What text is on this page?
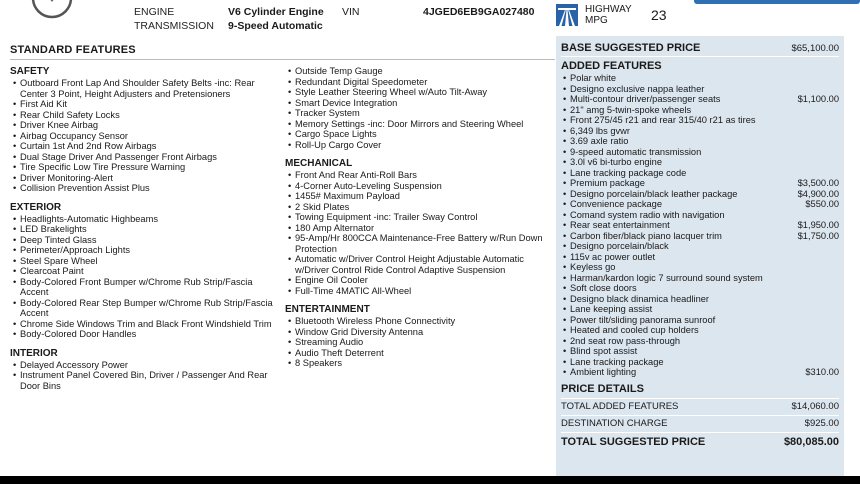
ENGINE	V6 Cylinder Engine
TRANSMISSION 9-Speed Automatic
VIN	4JGED6EB9GA027480	HIGHWAY
MPG	23
STANDARD FEATURES
SAFETY
• Outboard Front Lap And Shoulder Safety Belts -inc: Rear Center 3 Point, Height Adjusters and Pretensioners
• First Aid Kit
• Rear Child Safety Locks
• Driver Knee Airbag
• Airbag Occupancy Sensor
• Curtain 1st And 2nd Row Airbags
• Dual Stage Driver And Passenger Front Airbags
• Tire Specific Low Tire Pressure Warning
• Driver Monitoring-Alert
• Collision Prevention Assist Plus
EXTERIOR
• Headlights-Automatic Highbeams
• LED Brakelights
• Deep Tinted Glass
• Perimeter/Approach Lights
• Steel Spare Wheel
• Clearcoat Paint
• Body-Colored Front Bumper w/Chrome Rub Strip/Fascia Accent
• Body-Colored Rear Step Bumper w/Chrome Rub Strip/Fascia Accent
• Chrome Side Windows Trim and Black Front Windshield Trim
• Body-Colored Door Handles
INTERIOR
• Delayed Accessory Power
• Instrument Panel Covered Bin, Driver / Passenger And Rear Door Bins
• Outside Temp Gauge
• Redundant Digital Speedometer
• Style Leather Steering Wheel w/Auto Tilt-Away
• Smart Device Integration
• Tracker System
• Memory Settings -inc: Door Mirrors and Steering Wheel
• Cargo Space Lights
• Roll-Up Cargo Cover
MECHANICAL
• Front And Rear Anti-Roll Bars
• 4-Corner Auto-Leveling Suspension
• 1455# Maximum Payload
• 2 Skid Plates
• Towing Equipment -inc: Trailer Sway Control
• 180 Amp Alternator
• 95-Amp/Hr 800CCA Maintenance-Free Battery w/Run Down Protection
• Automatic w/Driver Control Height Adjustable Automatic w/Driver Control Ride Control Adaptive Suspension
• Engine Oil Cooler
• Full-Time 4MATIC All-Wheel
ENTERTAINMENT
• Bluetooth Wireless Phone Connectivity
• Window Grid Diversity Antenna
• Streaming Audio
• Audio Theft Deterrent
• 8 Speakers
BASE SUGGESTED PRICE	$65,100.00
ADDED FEATURES
• Polar white
• Designo exclusive nappa leather
• Multi-contour driver/passenger seats	$1,100.00
• 21" amg 5-twin-spoke wheels
• Front 275/45 r21 and rear 315/40 r21 as tires
• 6,349 lbs gvwr
• 3.69 axle ratio
• 9-speed automatic transmission
• 3.0l v6 bi-turbo engine
• Lane tracking package code
• Premium package	$3,500.00
• Designo porcelain/black leather package	$4,900.00
• Convenience package	$550.00
• Comand system radio with navigation
• Rear seat entertainment	$1,950.00
• Carbon fiber/black piano lacquer trim	$1,750.00
• Designo porcelain/black
• 115v ac power outlet
• Keyless go
• Harman/kardon logic 7 surround sound system
• Soft close doors
• Designo black dinamica headliner
• Lane keeping assist
• Power tilt/sliding panorama sunroof
• Heated and cooled cup holders
• 2nd seat row pass-through
• Blind spot assist
• Lane tracking package
• Ambient lighting	$310.00
PRICE DETAILS
TOTAL ADDED FEATURES	$14,060.00
DESTINATION CHARGE	$925.00
TOTAL SUGGESTED PRICE	$80,085.00
